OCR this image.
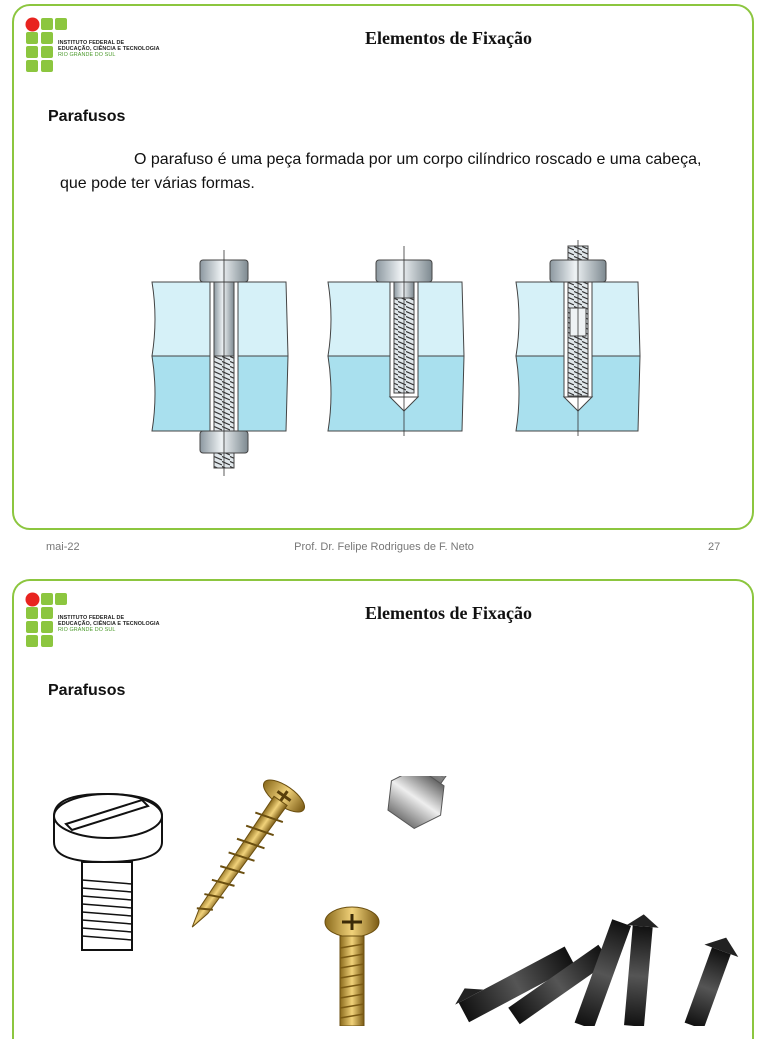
INSTITUTO FEDERAL DE
EDUCAÇÃO, CIÊNCIA E TECNOLOGIA
RIO GRANDE DO SUL
Elementos de Fixação
Parafusos
O parafuso é uma peça formada por um corpo cilíndrico roscado e uma cabeça, que pode ter várias formas.
mai-22	Prof. Dr. Felipe Rodrigues de F. Neto	27
INSTITUTO FEDERAL DE
EDUCAÇÃO, CIÊNCIA E TECNOLOGIA
RIO GRANDE DO SUL
Elementos de Fixação
Parafusos
